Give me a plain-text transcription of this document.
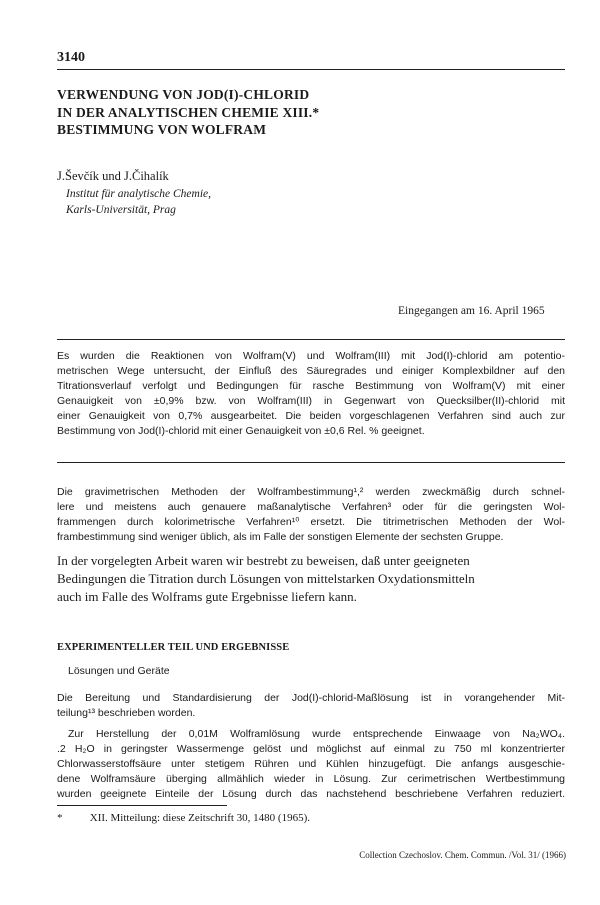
3140
VERWENDUNG VON JOD(I)-CHLORID
IN DER ANALYTISCHEN CHEMIE XIII.*
BESTIMMUNG VON WOLFRAM
J.Ševčík und J.Čihalík
Institut für analytische Chemie,
Karls-Universität, Prag
Eingegangen am 16. April 1965
Es wurden die Reaktionen von Wolfram(V) und Wolfram(III) mit Jod(I)-chlorid am potentio-
metrischen Wege untersucht, der Einfluß des Säuregrades und einiger Komplexbildner auf den
Titrationsverlauf verfolgt und Bedingungen für rasche Bestimmung von Wolfram(V) mit einer
Genauigkeit von ±0,9% bzw. von Wolfram(III) in Gegenwart von Quecksilber(II)-chlorid mit
einer Genauigkeit von 0,7% ausgearbeitet. Die beiden vorgeschlagenen Verfahren sind auch zur
Bestimmung von Jod(I)-chlorid mit einer Genauigkeit von ±0,6 Rel. % geeignet.
Die gravimetrischen Methoden der Wolframbestimmung¹,² werden zweckmäßig durch schnel-
lere und meistens auch genauere maßanalytische Verfahren³ oder für die geringsten Wol-
frammengen durch kolorimetrische Verfahren¹⁰ ersetzt. Die titrimetrischen Methoden der Wol-
frambestimmung sind weniger üblich, als im Falle der sonstigen Elemente der sechsten Gruppe.
In der vorgelegten Arbeit waren wir bestrebt zu beweisen, daß unter geeigneten
Bedingungen die Titration durch Lösungen von mittelstarken Oxydationsmitteln
auch im Falle des Wolframs gute Ergebnisse liefern kann.
EXPERIMENTELLER TEIL UND ERGEBNISSE
Lösungen und Geräte
Die Bereitung und Standardisierung der Jod(I)-chlorid-Maßlösung ist in vorangehender Mit-
teilung¹³ beschrieben worden.
Zur Herstellung der 0,01M Wolframlösung wurde entsprechende Einwaage von Na₂WO₄.
.2 H₂O in geringster Wassermenge gelöst und möglichst auf einmal zu 750 ml konzentrierter
Chlorwasserstoffsäure unter stetigem Rühren und Kühlen hinzugefügt. Die anfangs ausgeschie-
dene Wolframsäure überging allmählich wieder in Lösung. Zur cerimetrischen Wertbestimmung
wurden geeignete Einteile der Lösung durch das nachstehend beschriebene Verfahren reduziert.
* XII. Mitteilung: diese Zeitschrift 30, 1480 (1965).
Collection Czechoslov. Chem. Commun. /Vol. 31/ (1966)
